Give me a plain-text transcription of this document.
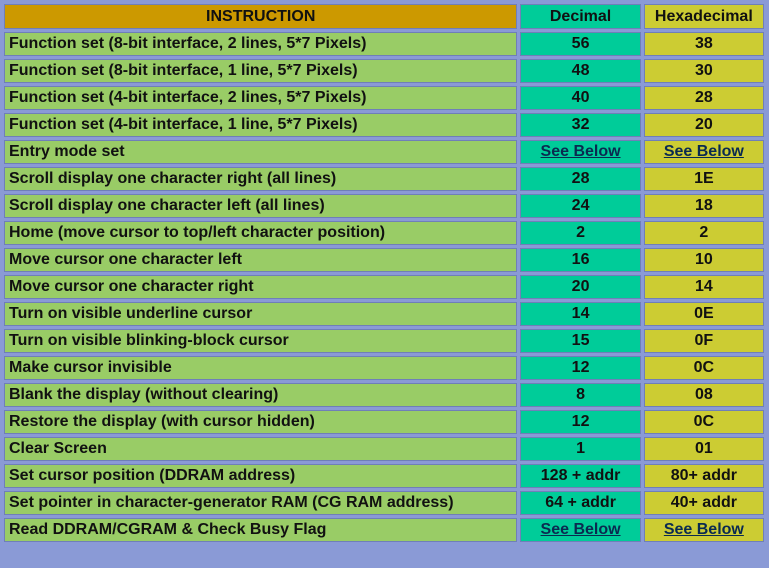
INSTRUCTION	Decimal	Hexadecimal
Function set (8-bit interface, 2 lines, 5*7 Pixels)	56	38
Function set (8-bit interface, 1 line, 5*7 Pixels)	48	30
Function set (4-bit interface, 2 lines, 5*7 Pixels)	40	28
Function set (4-bit interface, 1 line, 5*7 Pixels)	32	20
Entry mode set	See Below	See Below
Scroll display one character right (all lines)	28	1E
Scroll display one character left (all lines)	24	18
Home (move cursor to top/left character position)	2	2
Move cursor one character left	16	10
Move cursor one character right	20	14
Turn on visible underline cursor	14	0E
Turn on visible blinking-block cursor	15	0F
Make cursor invisible	12	0C
Blank the display (without clearing)	8	08
Restore the display (with cursor hidden)	12	0C
Clear Screen	1	01
Set cursor position (DDRAM address)	128 + addr	80+ addr
Set pointer in character-generator RAM (CG RAM address)	64 + addr	40+ addr
Read DDRAM/CGRAM & Check Busy Flag	See Below	See Below
